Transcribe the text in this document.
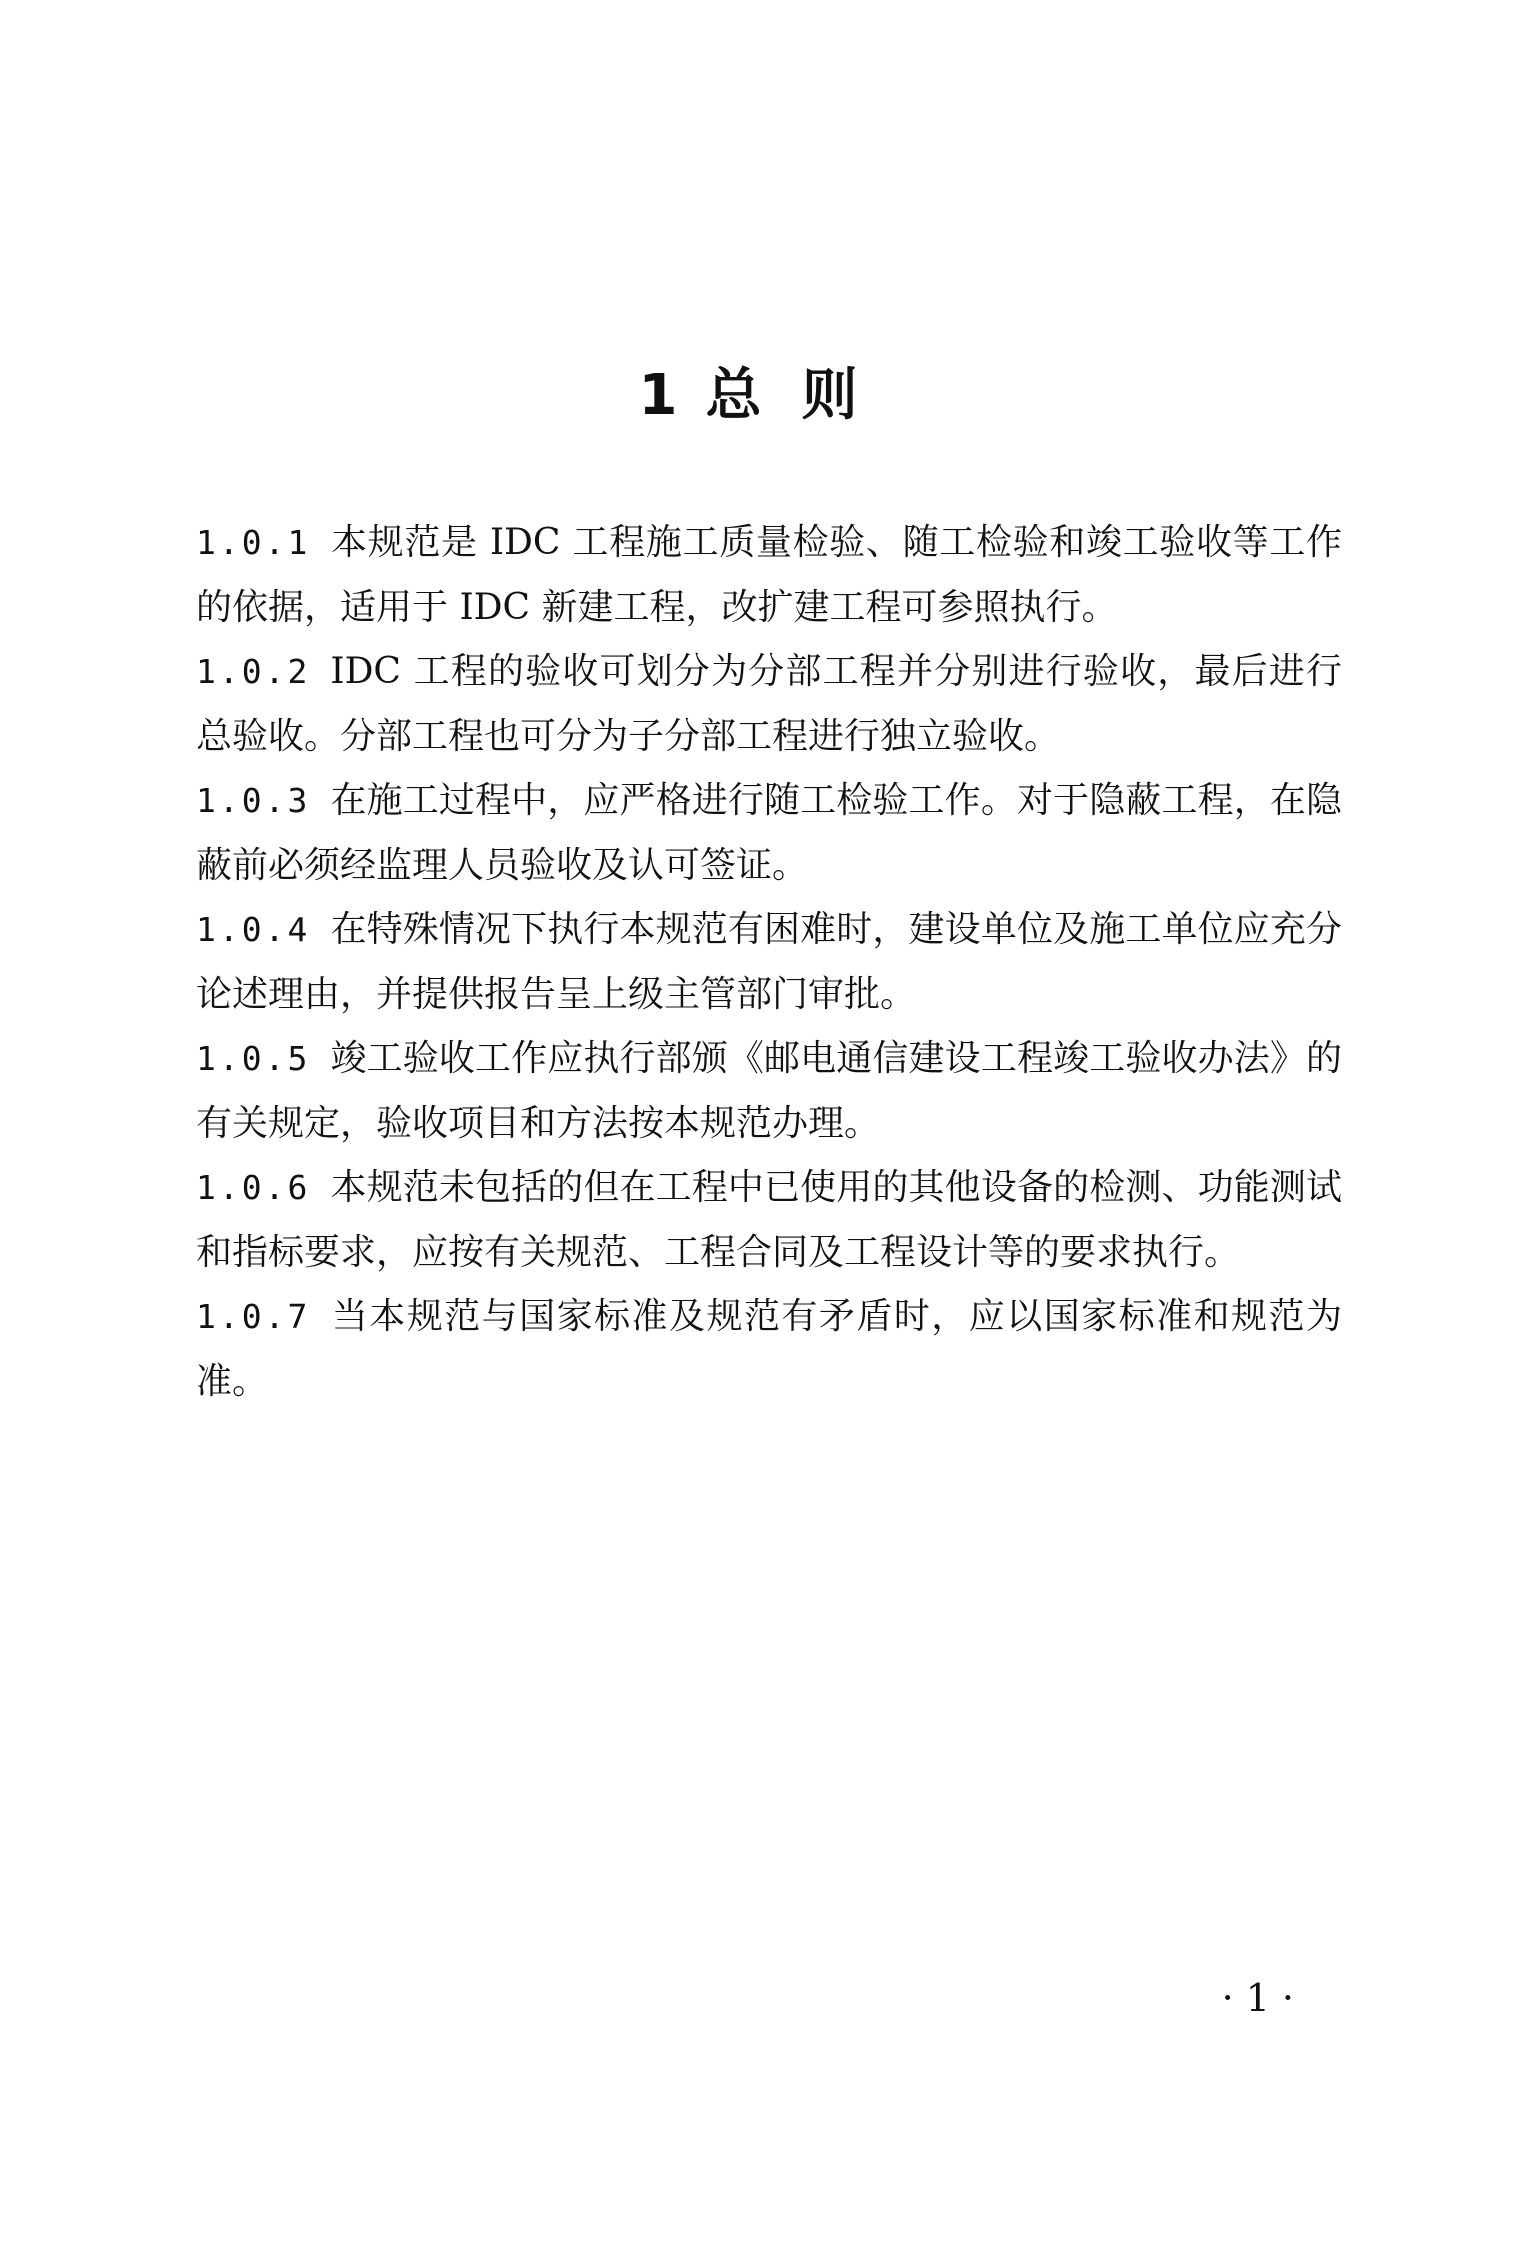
1 总则
1.0.1 本规范是 IDC 工程施工质量检验、随工检验和竣工验收等工作的依据，适用于 IDC 新建工程，改扩建工程可参照执行。
1.0.2 IDC 工程的验收可划分为分部工程并分别进行验收，最后进行总验收。分部工程也可分为子分部工程进行独立验收。
1.0.3 在施工过程中，应严格进行随工检验工作。对于隐蔽工程，在隐蔽前必须经监理人员验收及认可签证。
1.0.4 在特殊情况下执行本规范有困难时，建设单位及施工单位应充分论述理由，并提供报告呈上级主管部门审批。
1.0.5 竣工验收工作应执行部颁《邮电通信建设工程竣工验收办法》的有关规定，验收项目和方法按本规范办理。
1.0.6 本规范未包括的但在工程中已使用的其他设备的检测、功能测试和指标要求，应按有关规范、工程合同及工程设计等的要求执行。
1.0.7 当本规范与国家标准及规范有矛盾时，应以国家标准和规范为准。
·1·
